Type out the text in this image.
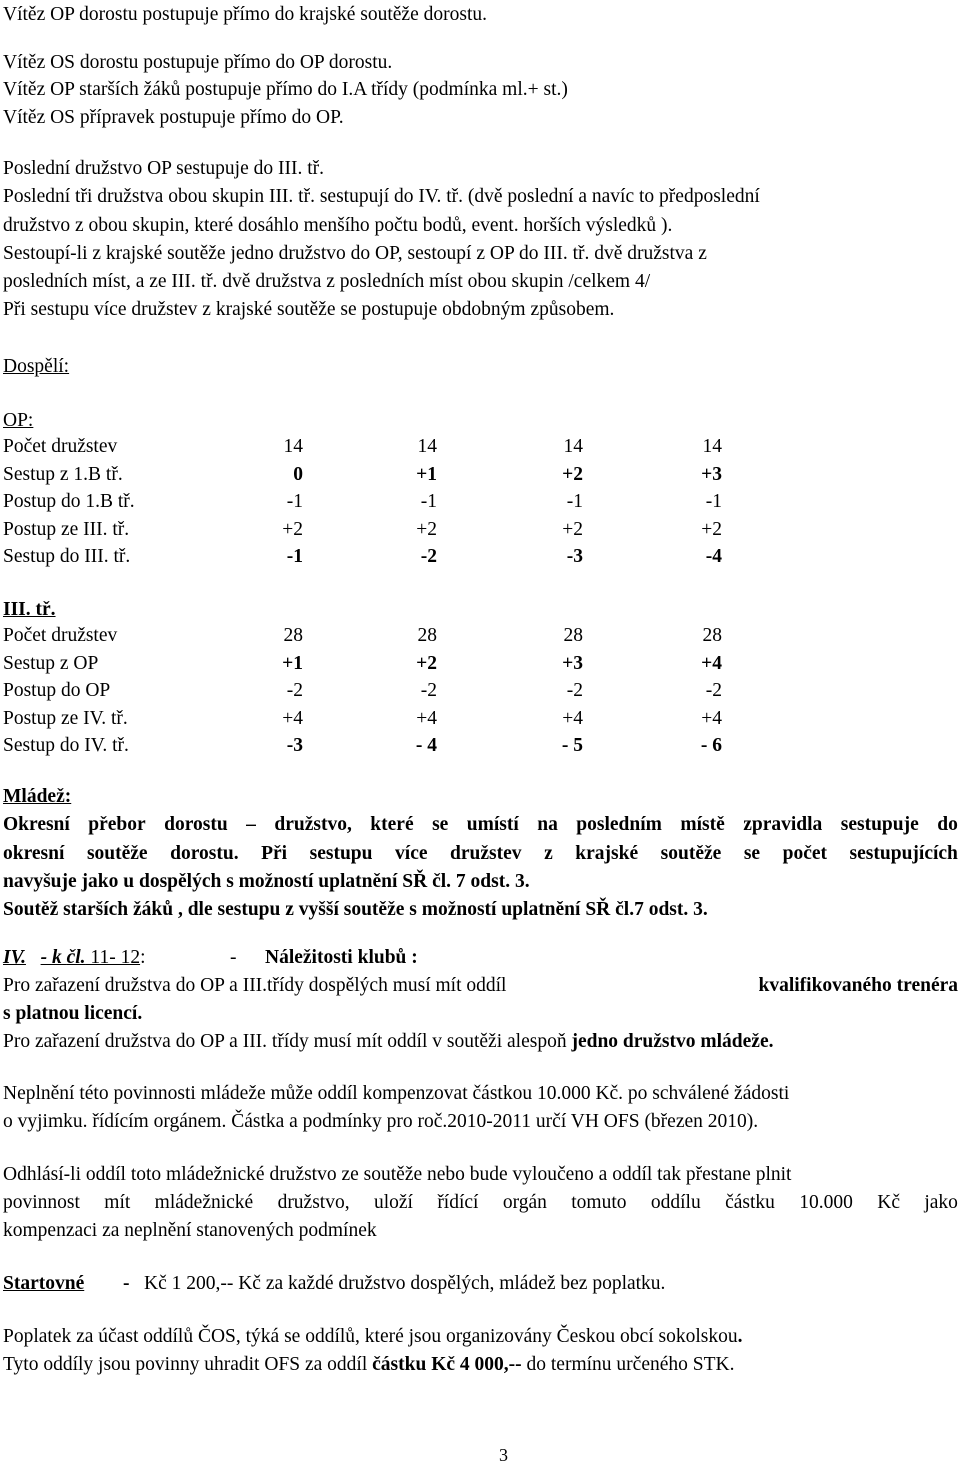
Vítěz OP dorostu postupuje přímo do krajské soutěže dorostu.
Vítěz OS dorostu postupuje přímo do OP dorostu.
Vítěz OP starších žáků postupuje přímo do I.A třídy (podmínka ml.+ st.)
Vítěz OS přípravek postupuje přímo do OP.
Poslední družstvo OP sestupuje do III. tř.
Poslední tři družstva obou skupin III. tř. sestupují do IV. tř. (dvě poslední a navíc to předposlední
družstvo z obou skupin, které dosáhlo menšího počtu bodů, event. horších výsledků ).
Sestoupí-li z krajské soutěže jedno družstvo do OP, sestoupí z OP do III. tř. dvě družstva z
posledních míst, a ze III. tř. dvě družstva z posledních míst obou skupin /celkem 4/
Při sestupu více družstev z krajské soutěže se postupuje obdobným způsobem.
Dospělí:
OP:
Počet družstev	14	14	14	14
Sestup z 1.B tř.	0	+1	+2	+3
Postup do 1.B tř.	-1	-1	-1	-1
Postup ze III. tř.	+2	+2	+2	+2
Sestup do III. tř.	-1	-2	-3	-4
III. tř.
Počet družstev	28	28	28	28
Sestup z OP	+1	+2	+3	+4
Postup do OP	-2	-2	-2	-2
Postup ze IV. tř.	+4	+4	+4	+4
Sestup do IV. tř.	-3	- 4	- 5	- 6
Mládež:
Okresní přebor dorostu – družstvo, které se umístí na posledním místě zpravidla sestupuje do
okresní soutěže dorostu. Při sestupu více družstev z krajské soutěže se počet sestupujících
navyšuje jako u dospělých s možností uplatnění SŘ čl. 7 odst. 3.
Soutěž starších žáků , dle sestupu z vyšší soutěže s možností uplatnění SŘ čl.7 odst. 3.
IV. - k čl. 11- 12:	- Náležitosti klubů :
Pro zařazení družstva do OP a III.třídy dospělých musí mít oddíl	kvalifikovaného trenéra
s platnou licencí.
Pro zařazení družstva do OP a III. třídy musí mít oddíl v soutěži alespoň jedno družstvo mládeže.
Neplnění této povinnosti mládeže může oddíl kompenzovat částkou 10.000 Kč. po schválené žádosti
o vyjimku. řídícím orgánem. Částka a podmínky pro roč.2010-2011 určí VH OFS (březen 2010).
Odhlásí-li oddíl toto mládežnické družstvo ze soutěže nebo bude vyloučeno a oddíl tak přestane plnit
povinnost mít mládežnické družstvo, uloží řídící orgán tomuto oddílu částku 10.000 Kč jako
kompenzaci za neplnění stanovených podmínek
Startovné - Kč 1 200,-- Kč za každé družstvo dospělých, mládež bez poplatku.
Poplatek za účast oddílů ČOS, týká se oddílů, které jsou organizovány Českou obcí sokolskou.
Tyto oddíly jsou povinny uhradit OFS za oddíl částku Kč 4 000,-- do termínu určeného STK.
3
